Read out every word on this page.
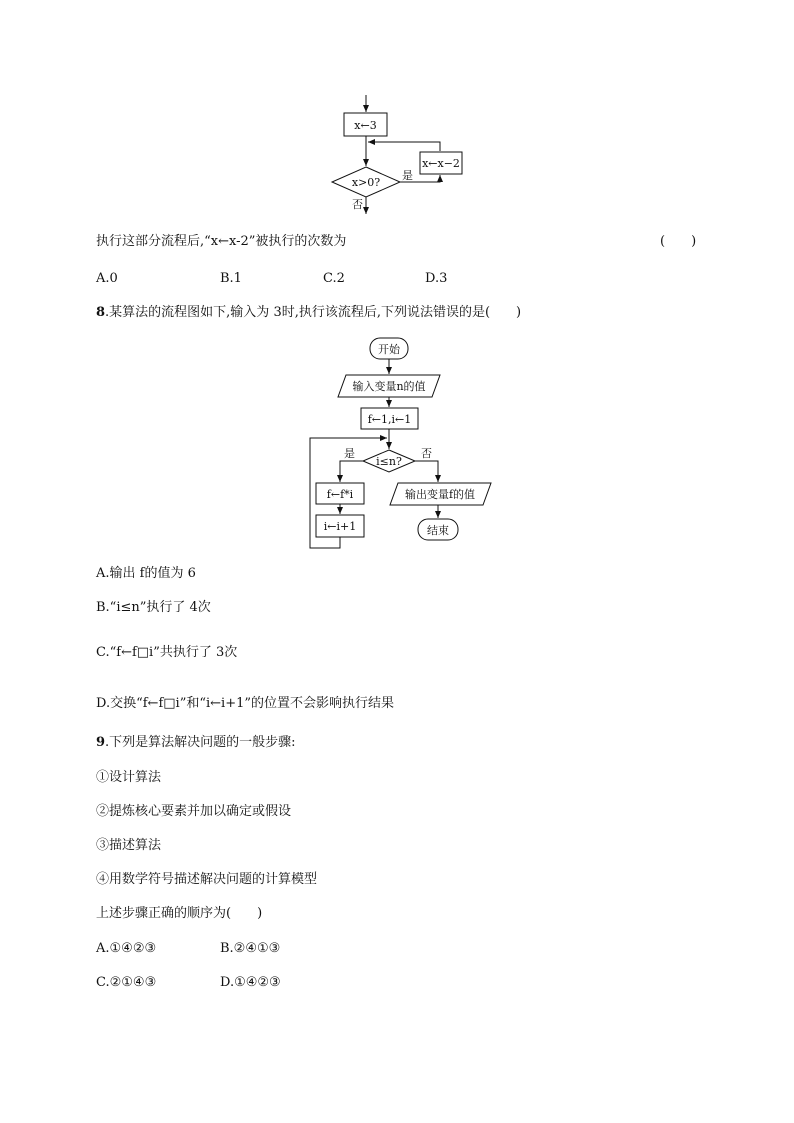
x←3
x>0?
是
x←x−2
否
执行这部分流程后,“x←x-2”被执行的次数为	(　　)
A.0	B.1	C.2	D.3
8.某算法的流程图如下,输入为 3时,执行该流程后,下列说法错误的是(　　)
开始
输入变量n的值
f←1,i←1
i≤n?
是	否
f←f*i
i←i+1
输出变量f的值
结束
A.输出 f的值为 6
B.“i≤n”执行了 4次
C.“f←f□i”共执行了 3次
D.交换“f←f□i”和“i←i+1”的位置不会影响执行结果
9.下列是算法解决问题的一般步骤:
①设计算法
②提炼核心要素并加以确定或假设
③描述算法
④用数学符号描述解决问题的计算模型
上述步骤正确的顺序为(　　)
A.①④②③	B.②④①③
C.②①④③	D.①④②③
